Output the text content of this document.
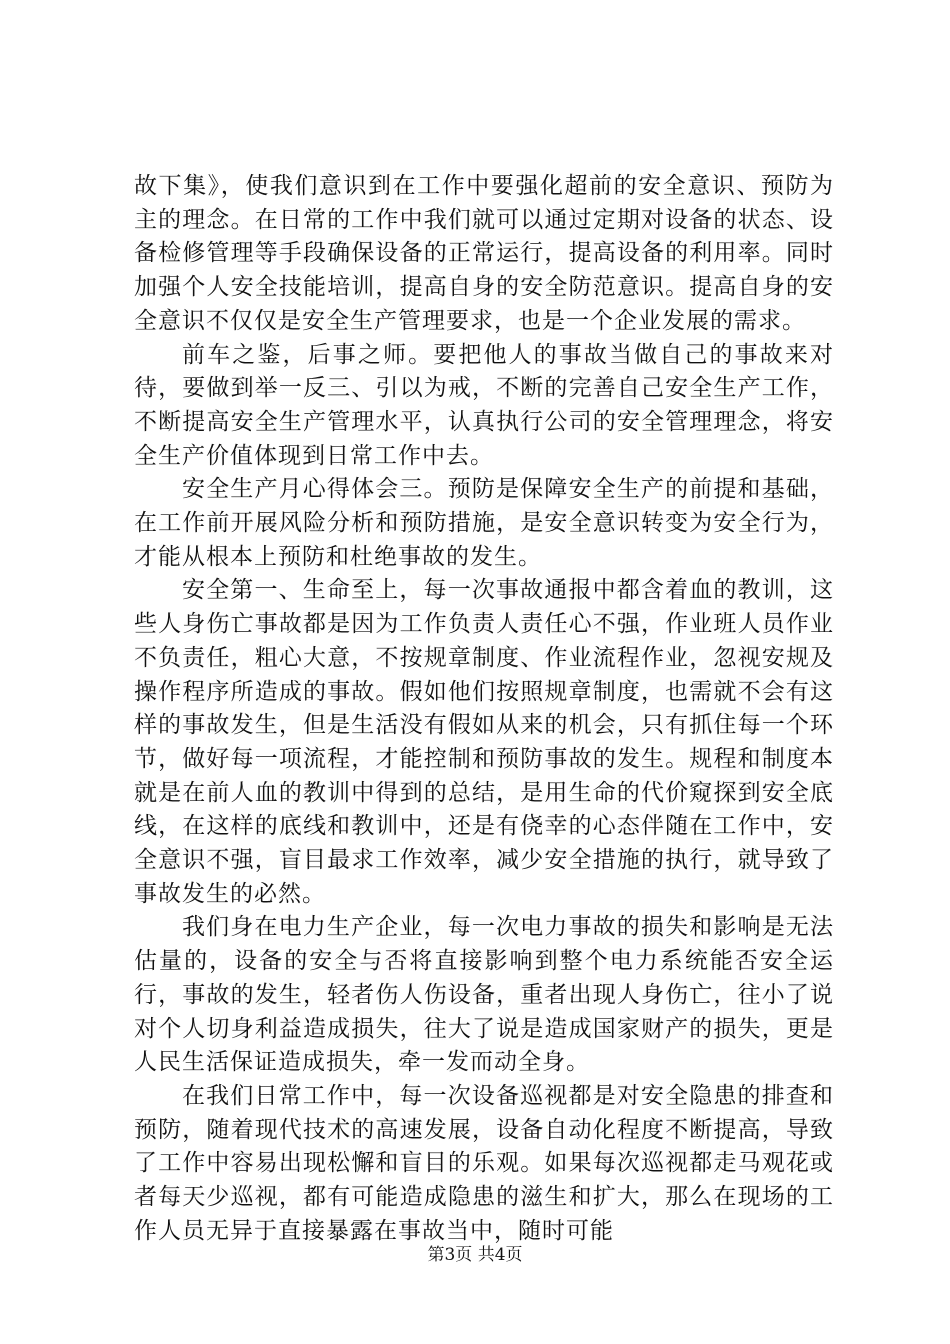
故下集》，使我们意识到在工作中要强化超前的安全意识、预防为主的理念。在日常的工作中我们就可以通过定期对设备的状态、设备检修管理等手段确保设备的正常运行，提高设备的利用率。同时加强个人安全技能培训，提高自身的安全防范意识。提高自身的安全意识不仅仅是安全生产管理要求，也是一个企业发展的需求。

前车之鉴，后事之师。要把他人的事故当做自己的事故来对待，要做到举一反三、引以为戒，不断的完善自己安全生产工作，不断提高安全生产管理水平，认真执行公司的安全管理理念，将安全生产价值体现到日常工作中去。

安全生产月心得体会三。预防是保障安全生产的前提和基础，在工作前开展风险分析和预防措施，是安全意识转变为安全行为，才能从根本上预防和杜绝事故的发生。

安全第一、生命至上，每一次事故通报中都含着血的教训，这些人身伤亡事故都是因为工作负责人责任心不强，作业班人员作业不负责任，粗心大意，不按规章制度、作业流程作业，忽视安规及操作程序所造成的事故。假如他们按照规章制度，也需就不会有这样的事故发生，但是生活没有假如从来的机会，只有抓住每一个环节，做好每一项流程，才能控制和预防事故的发生。规程和制度本就是在前人血的教训中得到的总结，是用生命的代价窥探到安全底线，在这样的底线和教训中，还是有侥幸的心态伴随在工作中，安全意识不强，盲目最求工作效率，减少安全措施的执行，就导致了事故发生的必然。

我们身在电力生产企业，每一次电力事故的损失和影响是无法估量的，设备的安全与否将直接影响到整个电力系统能否安全运行，事故的发生，轻者伤人伤设备，重者出现人身伤亡，往小了说对个人切身利益造成损失，往大了说是造成国家财产的损失，更是人民生活保证造成损失，牵一发而动全身。

在我们日常工作中，每一次设备巡视都是对安全隐患的排查和预防，随着现代技术的高速发展，设备自动化程度不断提高，导致了工作中容易出现松懈和盲目的乐观。如果每次巡视都走马观花或者每天少巡视，都有可能造成隐患的滋生和扩大，那么在现场的工作人员无异于直接暴露在事故当中，随时可能

第3页 共4页
